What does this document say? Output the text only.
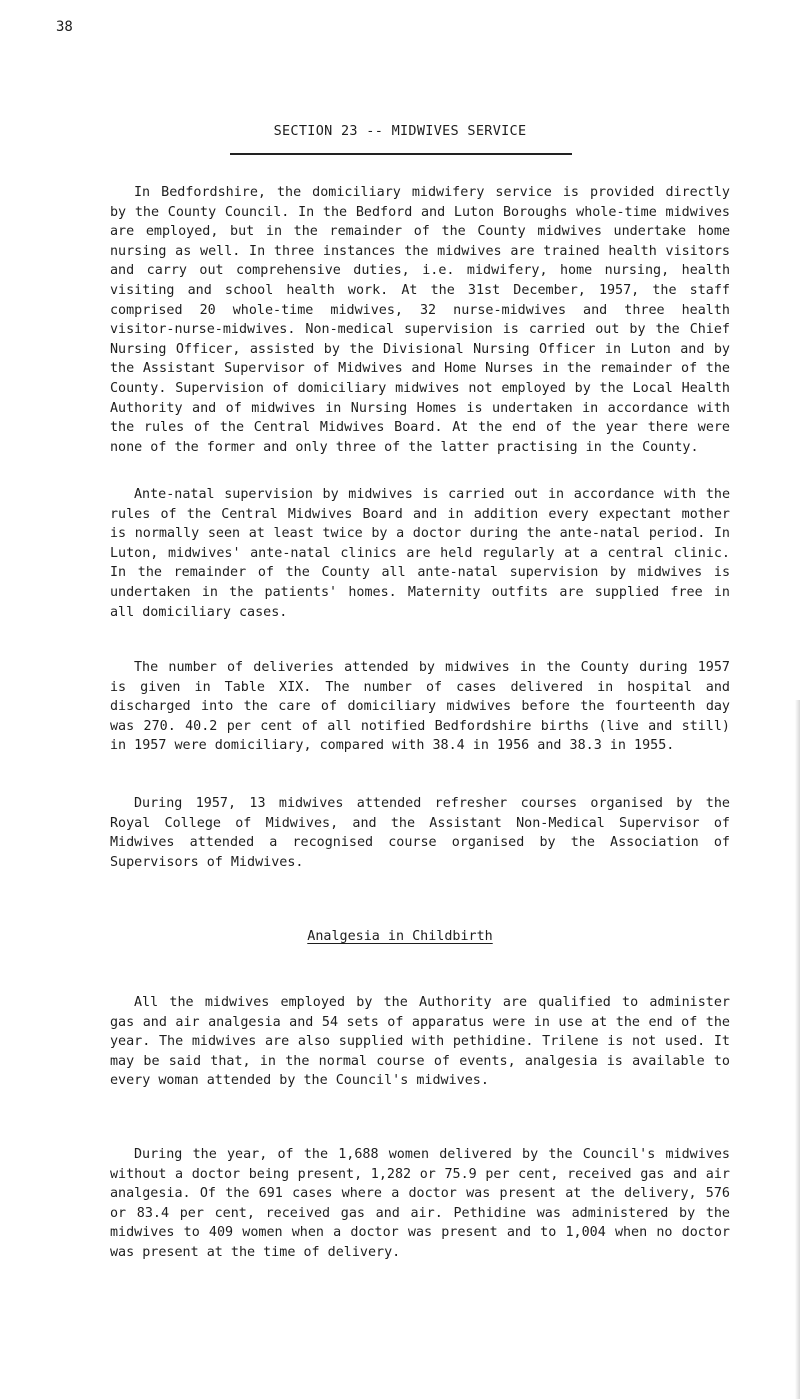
38
SECTION 23 -- MIDWIVES SERVICE

In Bedfordshire, the domiciliary midwifery service is provided directly by the County Council. In the Bedford and Luton Boroughs whole-time midwives are employed, but in the remainder of the County midwives undertake home nursing as well. In three instances the midwives are trained health visitors and carry out comprehensive duties, i.e. midwifery, home nursing, health visiting and school health work. At the 31st December, 1957, the staff comprised 20 whole-time midwives, 32 nurse-midwives and three health visitor-nurse-midwives. Non-medical supervision is carried out by the Chief Nursing Officer, assisted by the Divisional Nursing Officer in Luton and by the Assistant Supervisor of Midwives and Home Nurses in the remainder of the County. Supervision of domiciliary midwives not employed by the Local Health Authority and of midwives in Nursing Homes is undertaken in accordance with the rules of the Central Midwives Board. At the end of the year there were none of the former and only three of the latter practising in the County.

Ante-natal supervision by midwives is carried out in accordance with the rules of the Central Midwives Board and in addition every expectant mother is normally seen at least twice by a doctor during the ante-natal period. In Luton, midwives' ante-natal clinics are held regularly at a central clinic. In the remainder of the County all ante-natal supervision by midwives is undertaken in the patients' homes. Maternity outfits are supplied free in all domiciliary cases.

The number of deliveries attended by midwives in the County during 1957 is given in Table XIX. The number of cases delivered in hospital and discharged into the care of domiciliary midwives before the fourteenth day was 270. 40.2 per cent of all notified Bedfordshire births (live and still) in 1957 were domiciliary, compared with 38.4 in 1956 and 38.3 in 1955.

During 1957, 13 midwives attended refresher courses organised by the Royal College of Midwives, and the Assistant Non-Medical Supervisor of Midwives attended a recognised course organised by the Association of Supervisors of Midwives.

Analgesia in Childbirth

All the midwives employed by the Authority are qualified to administer gas and air analgesia and 54 sets of apparatus were in use at the end of the year. The midwives are also supplied with pethidine. Trilene is not used. It may be said that, in the normal course of events, analgesia is available to every woman attended by the Council's midwives.

During the year, of the 1,688 women delivered by the Council's midwives without a doctor being present, 1,282 or 75.9 per cent, received gas and air analgesia. Of the 691 cases where a doctor was present at the delivery, 576 or 83.4 per cent, received gas and air. Pethidine was administered by the midwives to 409 women when a doctor was present and to 1,004 when no doctor was present at the time of delivery.
